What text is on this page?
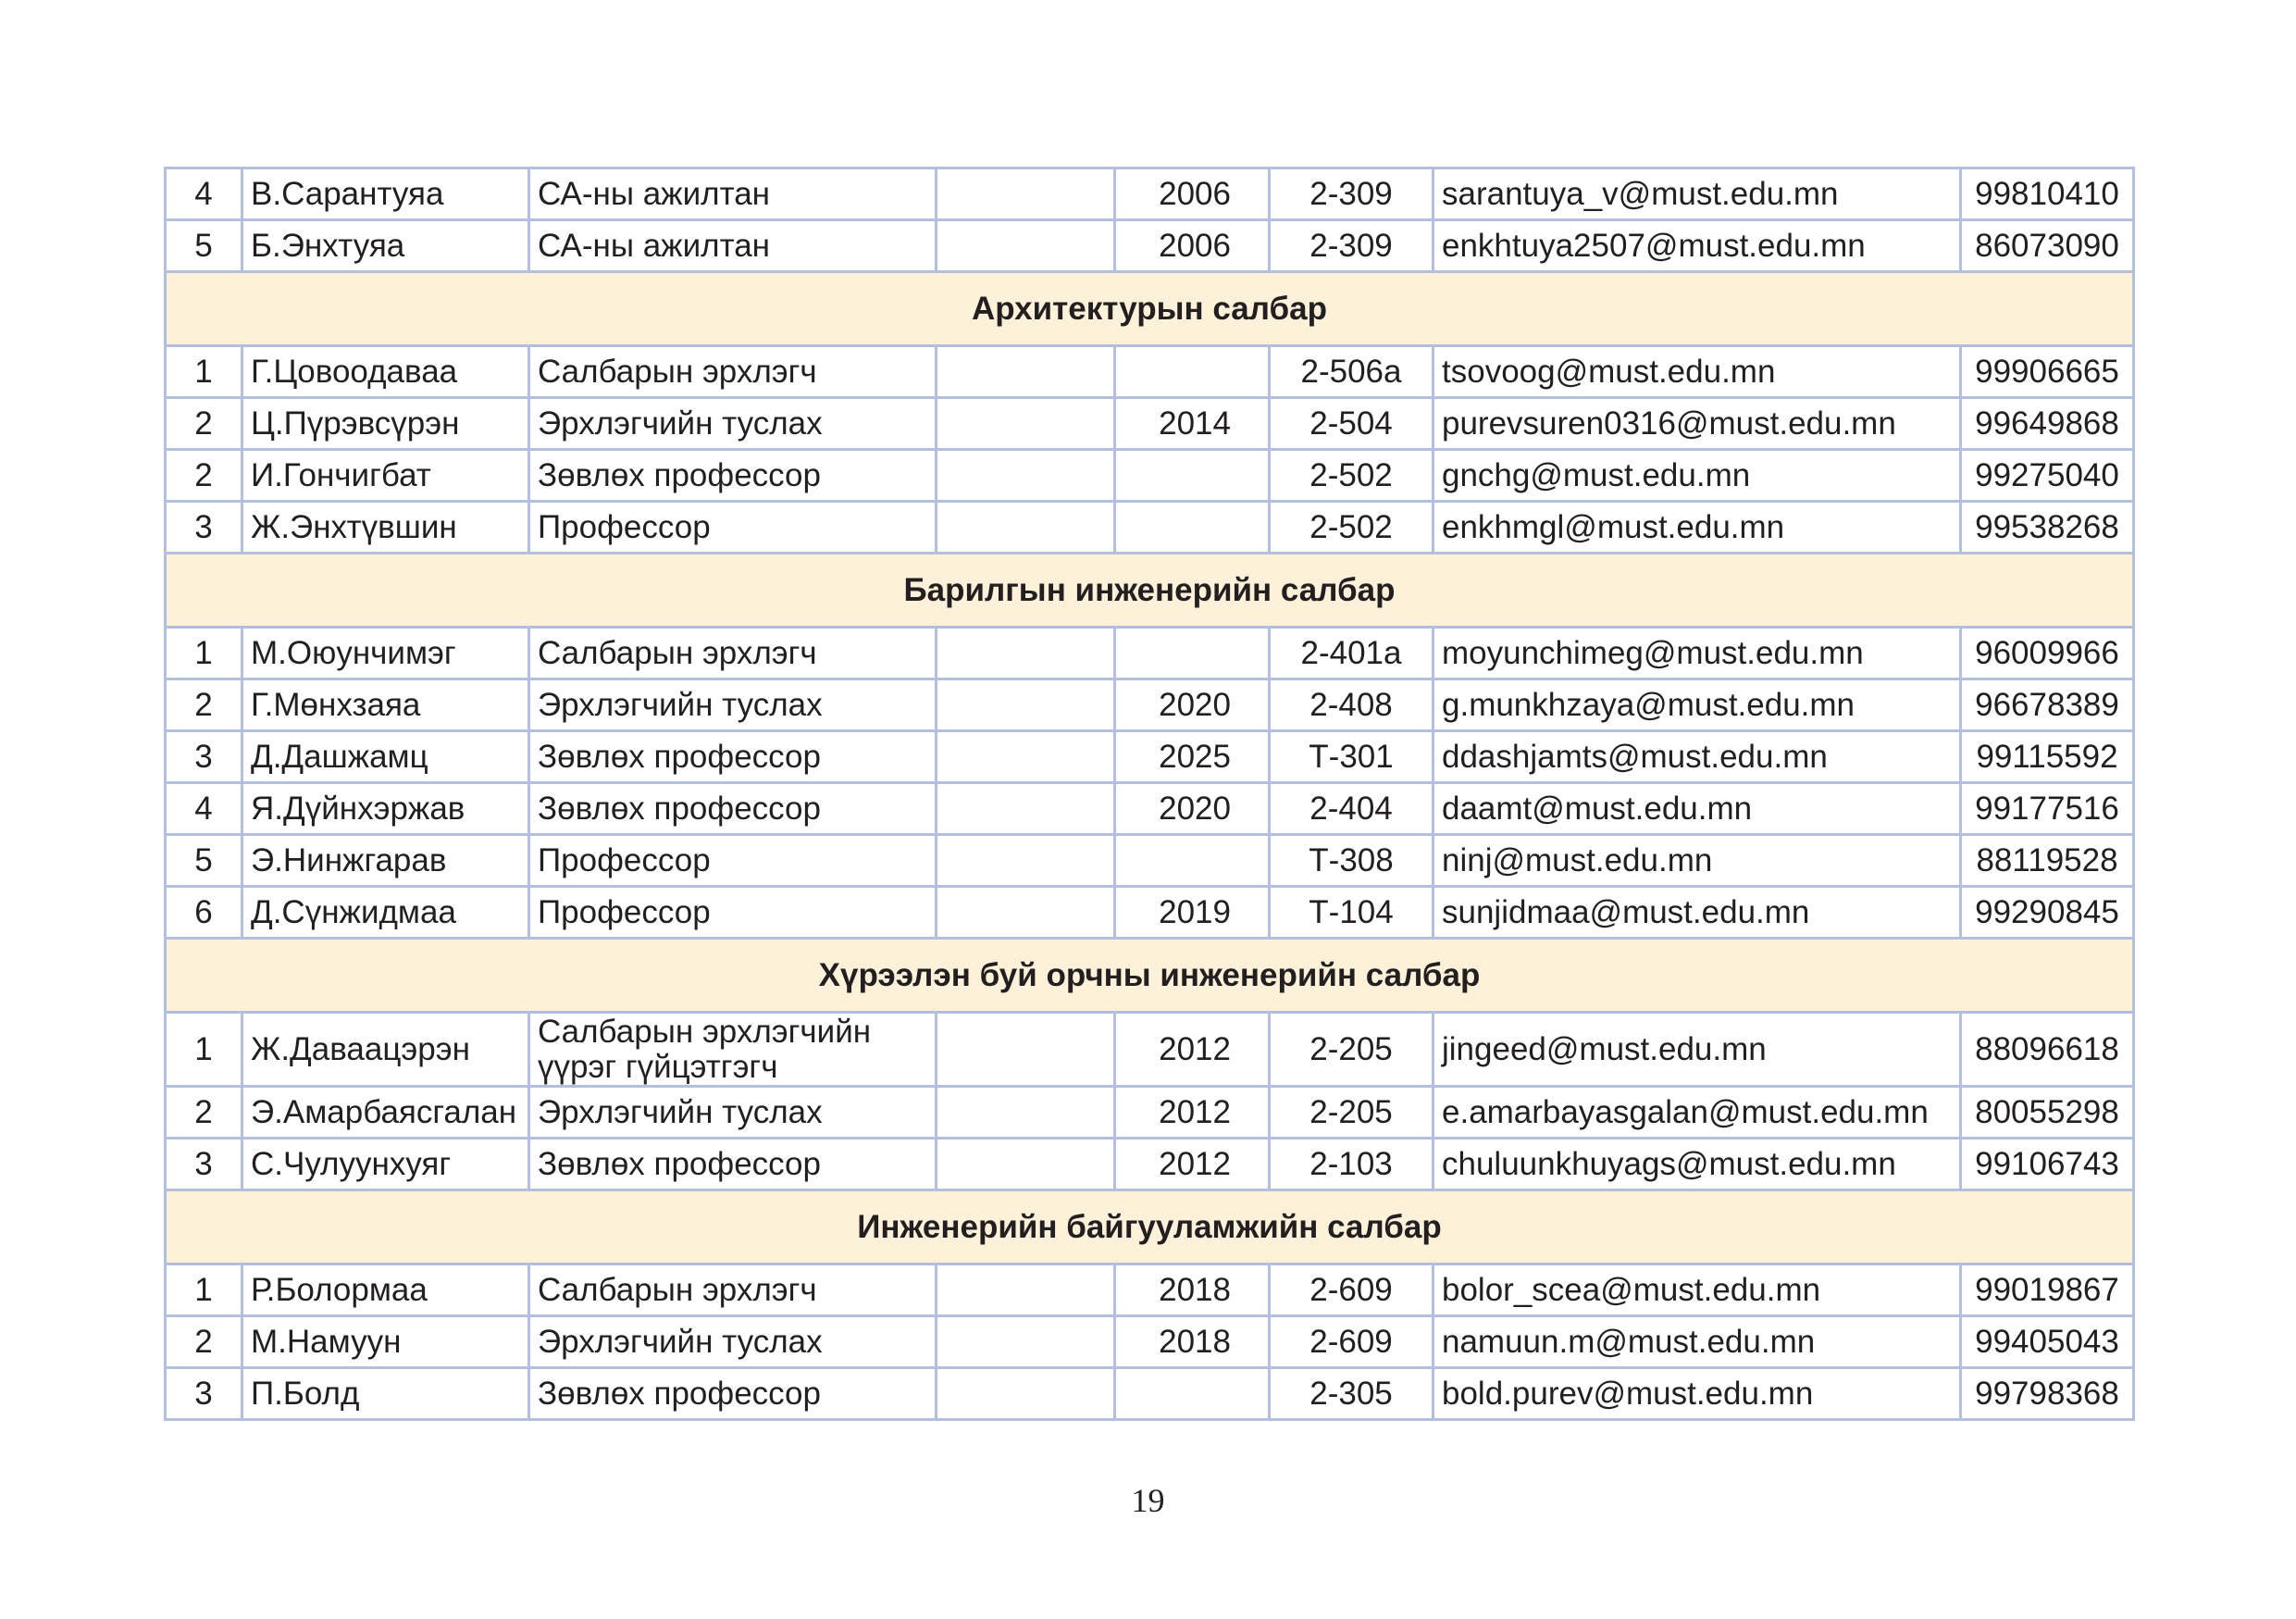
4	В.Сарантуяа	СА-ны ажилтан		2006	2-309	sarantuya_v@must.edu.mn	99810410
5	Б.Энхтуяа	СА-ны ажилтан		2006	2-309	enkhtuya2507@must.edu.mn	86073090
Архитектурын салбар							
1	Г.Цовоодаваа	Салбарын эрхлэгч			2-506а	tsovoog@must.edu.mn	99906665
2	Ц.Пүрэвсүрэн	Эрхлэгчийн туслах		2014	2-504	purevsuren0316@must.edu.mn	99649868
2	И.Гончигбат	Зөвлөх профессор			2-502	gnchg@must.edu.mn	99275040
3	Ж.Энхтүвшин	Профессор			2-502	enkhmgl@must.edu.mn	99538268
Барилгын инженерийн салбар							
1	М.Оюунчимэг	Салбарын эрхлэгч			2-401а	moyunchimeg@must.edu.mn	96009966
2	Г.Мөнхзаяа	Эрхлэгчийн туслах		2020	2-408	g.munkhzaya@must.edu.mn	96678389
3	Д.Дашжамц	Зөвлөх профессор		2025	Т-301	ddashjamts@must.edu.mn	99115592
4	Я.Дүйнхэржав	Зөвлөх профессор		2020	2-404	daamt@must.edu.mn	99177516
5	Э.Нинжгарав	Профессор			Т-308	ninj@must.edu.mn	88119528
6	Д.Сүнжидмаа	Профессор		2019	Т-104	sunjidmaa@must.edu.mn	99290845
Хүрээлэн буй орчны инженерийн салбар							
1	Ж.Даваацэрэн	Салбарын эрхлэгчийн үүрэг гүйцэтгэгч		2012	2-205	jingeed@must.edu.mn	88096618
2	Э.Амарбаясгалан	Эрхлэгчийн туслах		2012	2-205	e.amarbayasgalan@must.edu.mn	80055298
3	С.Чулуунхуяг	Зөвлөх профессор		2012	2-103	chuluunkhuyags@must.edu.mn	99106743
Инженерийн байгууламжийн салбар							
1	Р.Болормаа	Салбарын эрхлэгч		2018	2-609	bolor_scea@must.edu.mn	99019867
2	М.Намуун	Эрхлэгчийн туслах		2018	2-609	namuun.m@must.edu.mn	99405043
3	П.Болд	Зөвлөх профессор			2-305	bold.purev@must.edu.mn	99798368
19
